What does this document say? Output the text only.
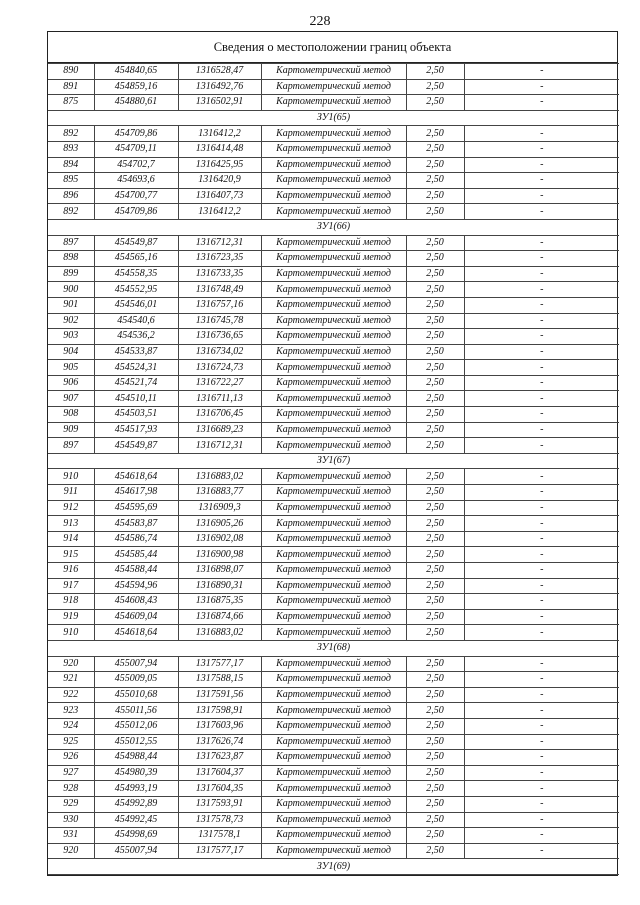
228
Сведения о местоположении границ объекта
890	454840,65	1316528,47	Картометрический метод	2,50	-
891	454859,16	1316492,76	Картометрический метод	2,50	-
875	454880,61	1316502,91	Картометрический метод	2,50	-
ЗУ1(65)					
892	454709,86	1316412,2	Картометрический метод	2,50	-
893	454709,11	1316414,48	Картометрический метод	2,50	-
894	454702,7	1316425,95	Картометрический метод	2,50	-
895	454693,6	1316420,9	Картометрический метод	2,50	-
896	454700,77	1316407,73	Картометрический метод	2,50	-
892	454709,86	1316412,2	Картометрический метод	2,50	-
ЗУ1(66)					
897	454549,87	1316712,31	Картометрический метод	2,50	-
898	454565,16	1316723,35	Картометрический метод	2,50	-
899	454558,35	1316733,35	Картометрический метод	2,50	-
900	454552,95	1316748,49	Картометрический метод	2,50	-
901	454546,01	1316757,16	Картометрический метод	2,50	-
902	454540,6	1316745,78	Картометрический метод	2,50	-
903	454536,2	1316736,65	Картометрический метод	2,50	-
904	454533,87	1316734,02	Картометрический метод	2,50	-
905	454524,31	1316724,73	Картометрический метод	2,50	-
906	454521,74	1316722,27	Картометрический метод	2,50	-
907	454510,11	1316711,13	Картометрический метод	2,50	-
908	454503,51	1316706,45	Картометрический метод	2,50	-
909	454517,93	1316689,23	Картометрический метод	2,50	-
897	454549,87	1316712,31	Картометрический метод	2,50	-
ЗУ1(67)					
910	454618,64	1316883,02	Картометрический метод	2,50	-
911	454617,98	1316883,77	Картометрический метод	2,50	-
912	454595,69	1316909,3	Картометрический метод	2,50	-
913	454583,87	1316905,26	Картометрический метод	2,50	-
914	454586,74	1316902,08	Картометрический метод	2,50	-
915	454585,44	1316900,98	Картометрический метод	2,50	-
916	454588,44	1316898,07	Картометрический метод	2,50	-
917	454594,96	1316890,31	Картометрический метод	2,50	-
918	454608,43	1316875,35	Картометрический метод	2,50	-
919	454609,04	1316874,66	Картометрический метод	2,50	-
910	454618,64	1316883,02	Картометрический метод	2,50	-
ЗУ1(68)					
920	455007,94	1317577,17	Картометрический метод	2,50	-
921	455009,05	1317588,15	Картометрический метод	2,50	-
922	455010,68	1317591,56	Картометрический метод	2,50	-
923	455011,56	1317598,91	Картометрический метод	2,50	-
924	455012,06	1317603,96	Картометрический метод	2,50	-
925	455012,55	1317626,74	Картометрический метод	2,50	-
926	454988,44	1317623,87	Картометрический метод	2,50	-
927	454980,39	1317604,37	Картометрический метод	2,50	-
928	454993,19	1317604,35	Картометрический метод	2,50	-
929	454992,89	1317593,91	Картометрический метод	2,50	-
930	454992,45	1317578,73	Картометрический метод	2,50	-
931	454998,69	1317578,1	Картометрический метод	2,50	-
920	455007,94	1317577,17	Картометрический метод	2,50	-
ЗУ1(69)					
